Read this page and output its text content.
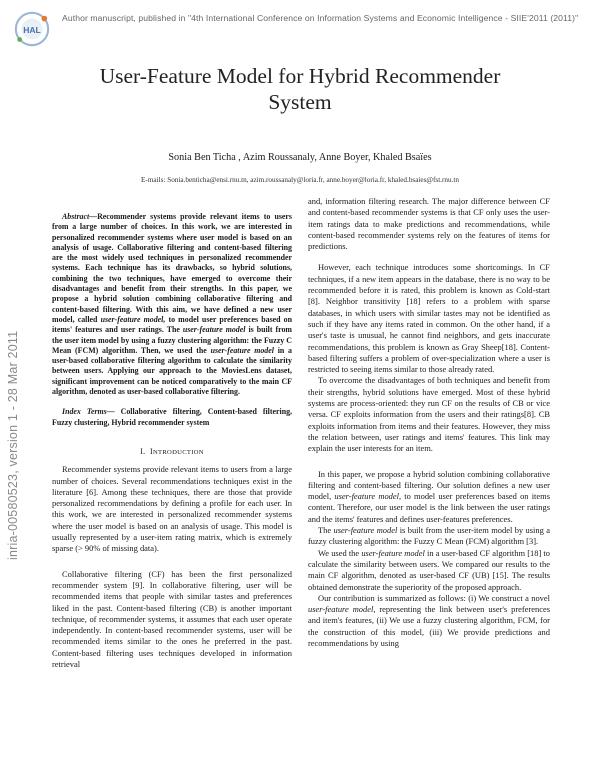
HAL
Author manuscript, published in "4th International Conference on Information Systems and Economic Intelligence - SIIE'2011 (2011)"
inria-00580523, version 1 - 28 Mar 2011
User-Feature Model for Hybrid Recommender System
Sonia Ben Ticha , Azim Roussanaly, Anne Boyer, Khaled Bsaïes
E-mails: Sonia.benticha@ensi.rnu.tn, azim.roussanaly@loria.fr, anne.boyer@loria.fr, khaled.bsaies@fst.rnu.tn

Abstract—Recommender systems provide relevant items to users from a large number of choices. In this work, we are interested in personalized recommender systems where user model is based on an analysis of usage. Collaborative filtering and content-based filtering are the most widely used techniques in personalized recommender systems. Each technique has its drawbacks, so hybrid solutions, combining the two techniques, have emerged to overcome their disadvantages and benefit from their strengths. In this paper, we propose a hybrid solution combining collaborative filtering and content-based filtering. With this aim, we have defined a new user model, called user-feature model, to model user preferences based on items' features and user ratings. The user-feature model is built from the user item model by using a fuzzy clustering algorithm: the Fuzzy C Mean (FCM) algorithm. Then, we used the user-feature model in a user-based collaborative filtering algorithm to calculate the similarity between users. Applying our approach to the MoviesLens dataset, significant improvement can be noticed comparatively to the main CF algorithm, denoted as user-based collaborative filtering.

Index Terms— Collaborative filtering, Content-based filtering, Fuzzy clustering, Hybrid recommender system

I. INTRODUCTION

Recommender systems provide relevant items to users from a large number of choices. Several recommendations techniques exist in the literature [6]. Among these techniques, there are those that provide personalized recommendations by defining a profile for each user. In this work, we are interested in personalized recommender systems where the user model is based on an analysis of usage. This model is usually represented by a user-item rating matrix, which is extremely sparse (> 90% of missing data).

Collaborative filtering (CF) has been the first personalized recommender system [9]. In collaborative filtering, user will be recommended items that people with similar tastes and preferences liked in the past. Content-based filtering (CB) is another important technique, of recommender systems, it assumes that each user operate independently. In content-based recommender systems, user will be recommended items similar to the ones he preferred in the past. Content-based filtering uses techniques developed in information retrieval

and, information filtering research. The major difference between CF and content-based recommender systems is that CF only uses the user-item ratings data to make predictions and recommendations, while content-based recommender systems rely on the features of items for predictions.

However, each technique introduces some shortcomings. In CF techniques, if a new item appears in the database, there is no way to be recommended before it is rated, this problem is known as Cold-start [8]. Neighbor transitivity [18] refers to a problem with sparse databases, in which users with similar tastes may not be identified as such if they have any items rated in common. On the other hand, if a user's taste is unusual, he cannot find neighbors, and gets inaccurate recommendations, this problem is known as Gray Sheep[18]. Content-based filtering suffers a problem of over-specialization where a user is restricted to seeing items similar to those already rated.

To overcome the disadvantages of both techniques and benefit from their strengths, hybrid solutions have emerged. Most of these hybrid systems are process-oriented: they run CF on the results of CB or vice versa. CF exploits information from the users and their ratings[8]. CB exploits information from items and their features. However, they miss the relation between, user ratings and items' features. This link may explain the user interests for an item.

In this paper, we propose a hybrid solution combining collaborative filtering and content-based filtering. Our solution defines a new user model, user-feature model, to model user preferences based on items content. Therefore, our user model is the link between the user ratings and the items' features and defines user-features preferences.

The user-feature model is built from the user-item model by using a fuzzy clustering algorithm: the Fuzzy C Mean (FCM) algorithm [3].

We used the user-feature model in a user-based CF algorithm [18] to calculate the similarity between users. We compared our results to the main CF algorithm, denoted as user-based CF (UB) [15]. The results obtained demonstrate the superiority of the proposed approach.

Our contribution is summarized as follows: (i) We construct a novel user-feature model, representing the link between user's preferences and item's features, (ii) We use a fuzzy clustering algorithm, FCM, for the construction of this model, (iii) We provide predictions and recommendations by using
